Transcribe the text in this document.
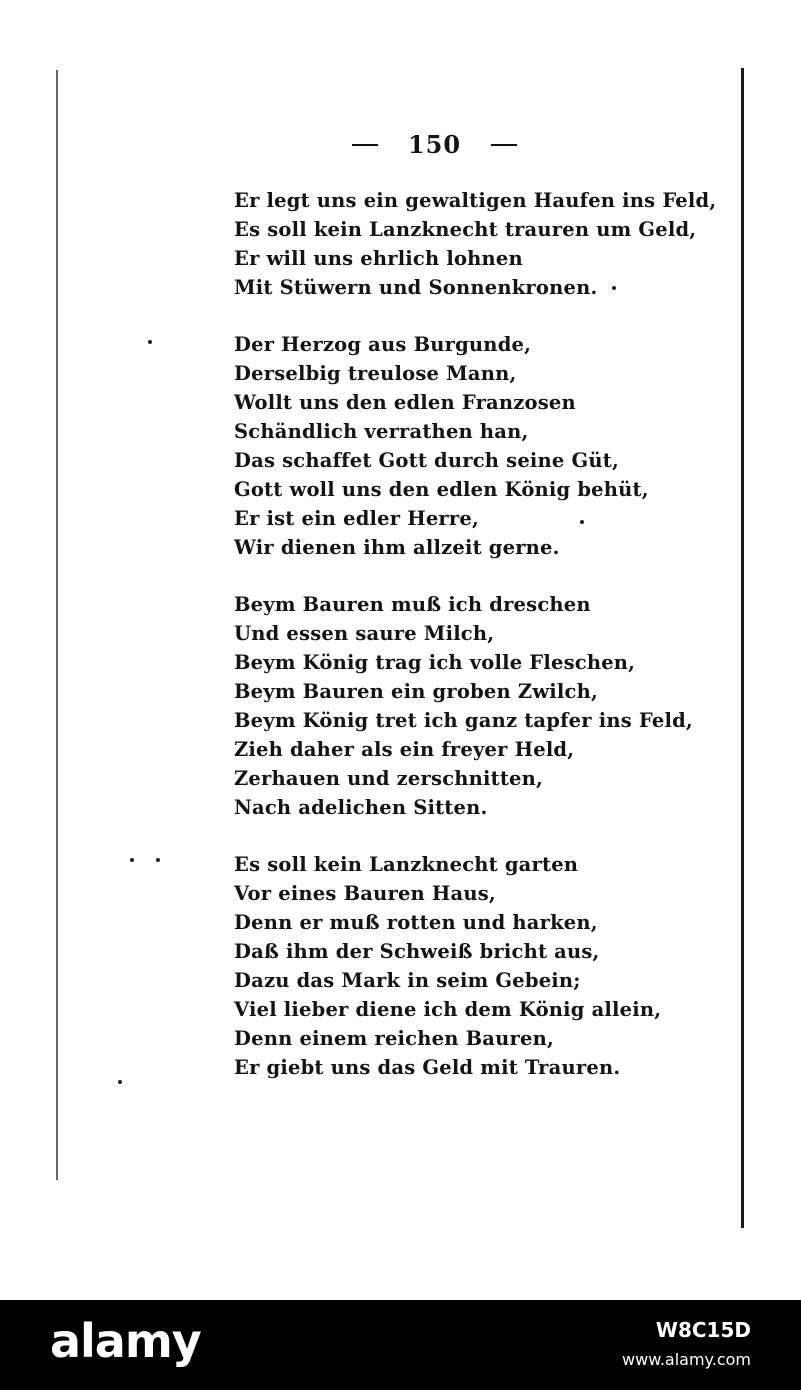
150
Er legt uns ein gewaltigen Haufen ins Feld,
Es soll kein Lanzknecht trauren um Geld,
Er will uns ehrlich lohnen
Mit Stüwern und Sonnenkronen.
Der Herzog aus Burgunde,
Derselbig treulose Mann,
Wollt uns den edlen Franzosen
Schändlich verrathen han,
Das schaffet Gott durch seine Güt,
Gott woll uns den edlen König behüt,
Er ist ein edler Herre,
Wir dienen ihm allzeit gerne.
Beym Bauren muß ich dreschen
Und essen saure Milch,
Beym König trag ich volle Fleschen,
Beym Bauren ein groben Zwilch,
Beym König tret ich ganz tapfer ins Feld,
Zieh daher als ein freyer Held,
Zerhauen und zerschnitten,
Nach adelichen Sitten.
Es soll kein Lanzknecht garten
Vor eines Bauren Haus,
Denn er muß rotten und harken,
Daß ihm der Schweiß bricht aus,
Dazu das Mark in seim Gebein;
Viel lieber diene ich dem König allein,
Denn einem reichen Bauren,
Er giebt uns das Geld mit Trauren.
alamy	W8C15D
www.alamy.com
